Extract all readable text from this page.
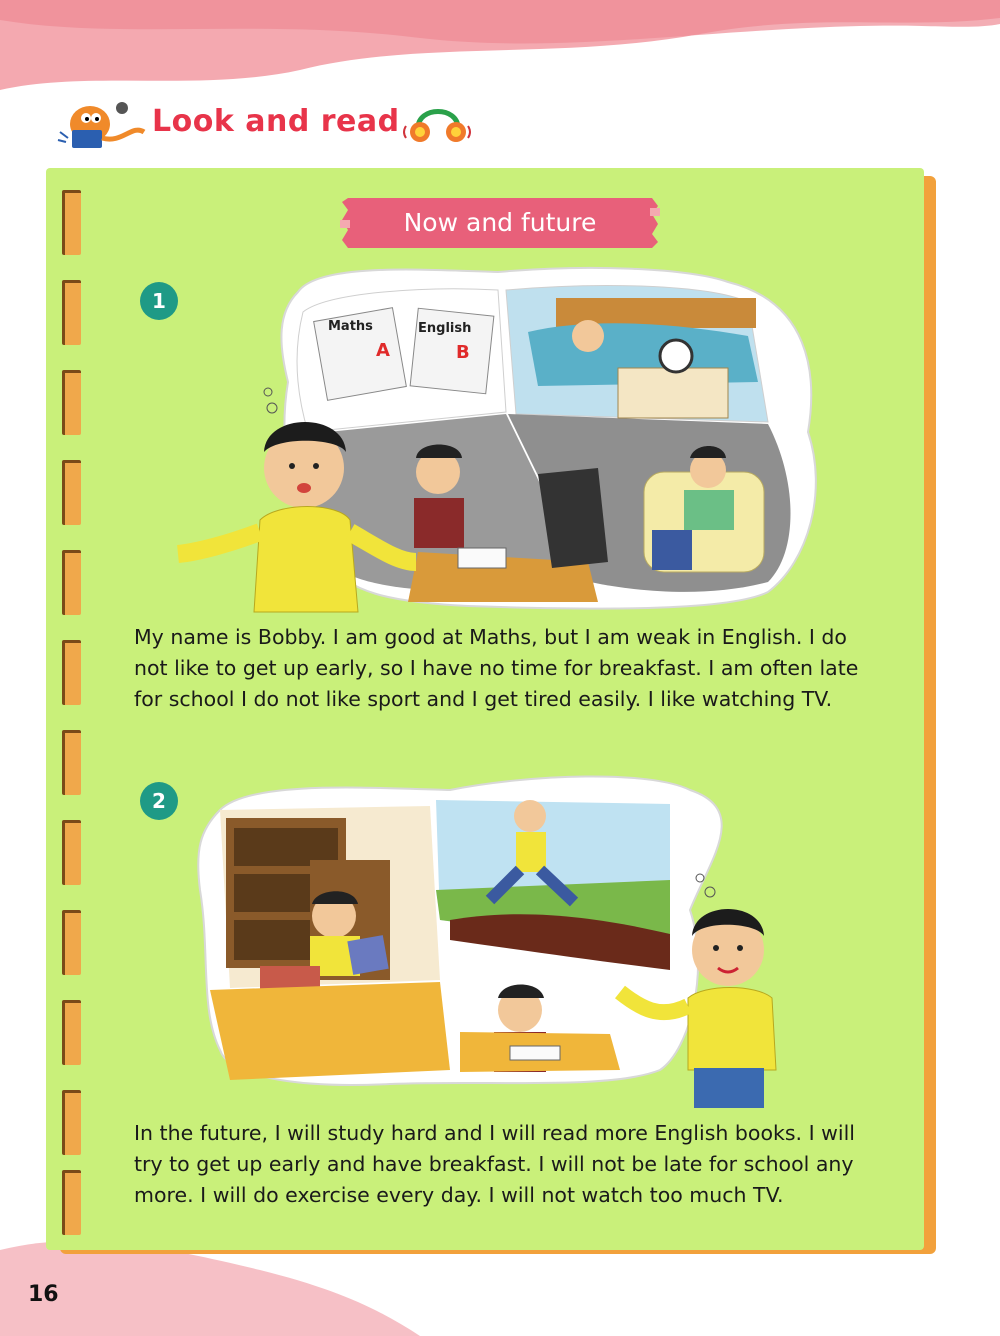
Look and read
Now and future
1
Maths	English
A	B
My name is Bobby. I am good at Maths, but I am weak in English. I do not like to get up early, so I have no time for breakfast. I am often late for school I do not like sport and I get tired easily. I like watching TV.
2
In the future, I will study hard and I will read more English books. I will try to get up early and have breakfast. I will not be late for school any more. I will do exercise every day. I will not watch too much TV.
16
